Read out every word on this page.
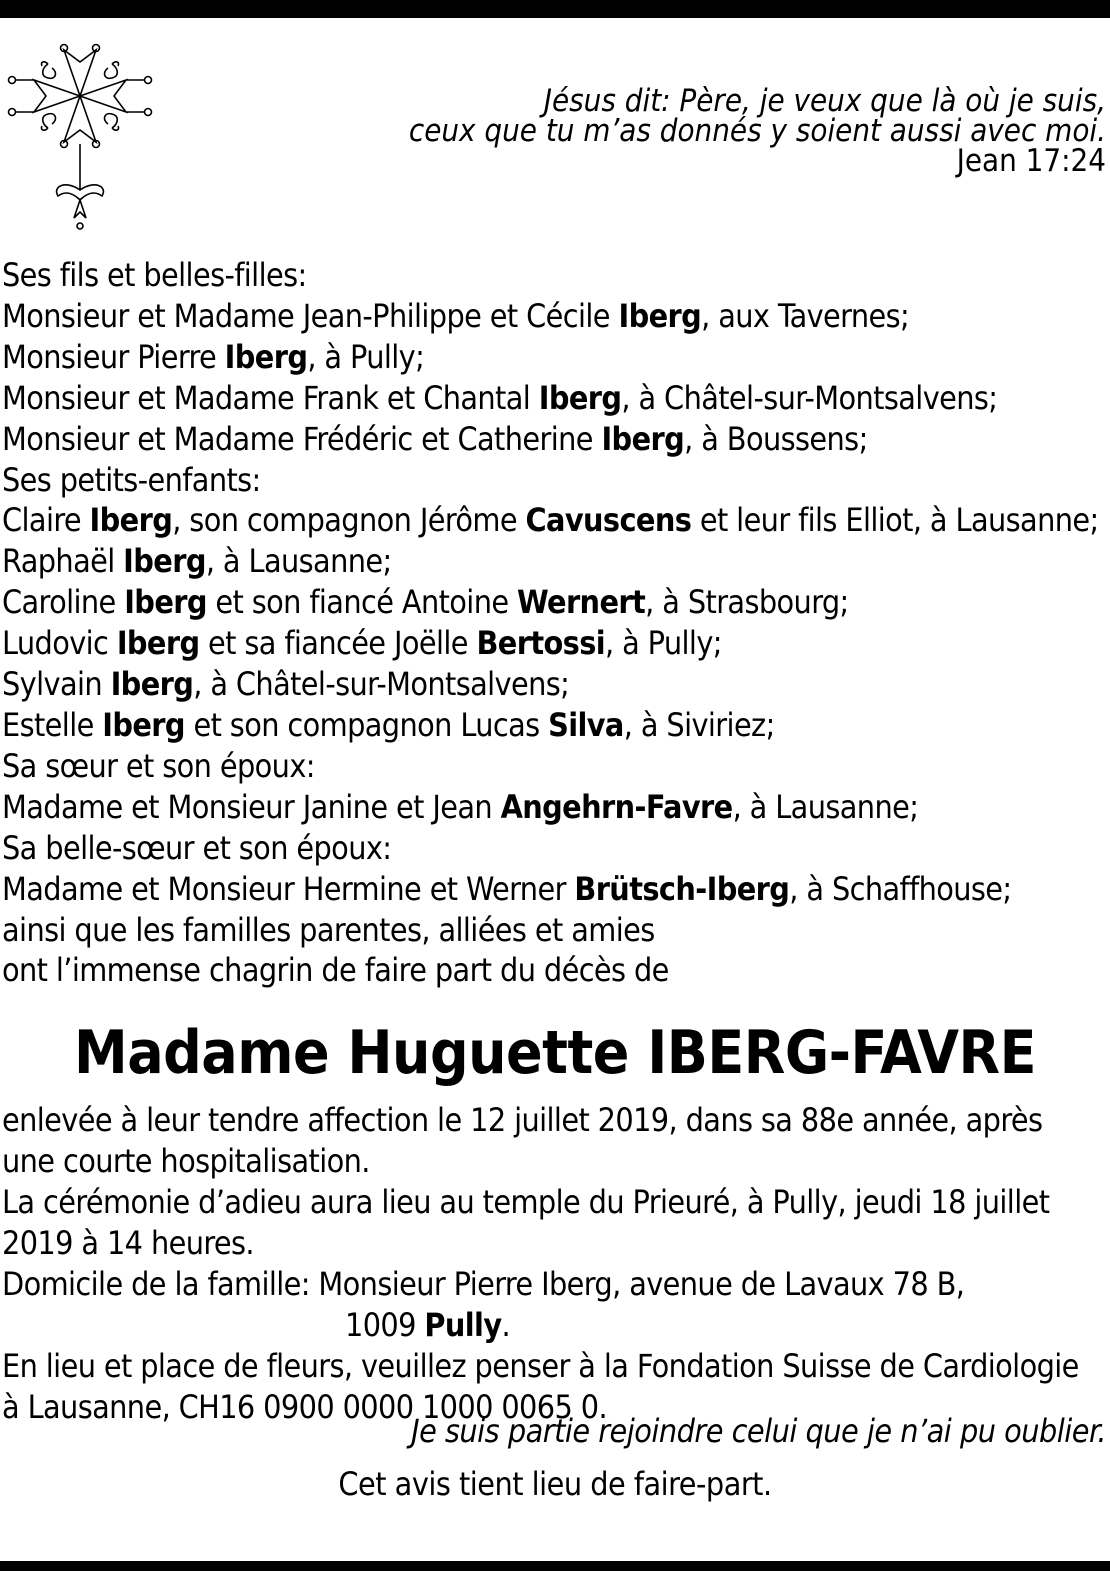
Jésus dit: Père, je veux que là où je suis,
ceux que tu m’as donnés y soient aussi avec moi.
Jean 17:24
Ses fils et belles-filles:
Monsieur et Madame Jean-Philippe et Cécile Iberg, aux Tavernes;
Monsieur Pierre Iberg, à Pully;
Monsieur et Madame Frank et Chantal Iberg, à Châtel-sur-Montsalvens;
Monsieur et Madame Frédéric et Catherine Iberg, à Boussens;
Ses petits-enfants:
Claire Iberg, son compagnon Jérôme Cavuscens et leur fils Elliot, à Lausanne;
Raphaël Iberg, à Lausanne;
Caroline Iberg et son fiancé Antoine Wernert, à Strasbourg;
Ludovic Iberg et sa fiancée Joëlle Bertossi, à Pully;
Sylvain Iberg, à Châtel-sur-Montsalvens;
Estelle Iberg et son compagnon Lucas Silva, à Siviriez;
Sa sœur et son époux:
Madame et Monsieur Janine et Jean Angehrn-Favre, à Lausanne;
Sa belle-sœur et son époux:
Madame et Monsieur Hermine et Werner Brütsch-Iberg, à Schaffhouse;
ainsi que les familles parentes, alliées et amies
ont l’immense chagrin de faire part du décès de
Madame Huguette IBERG-FAVRE
enlevée à leur tendre affection le 12 juillet 2019, dans sa 88e année, après
une courte hospitalisation.
La cérémonie d’adieu aura lieu au temple du Prieuré, à Pully, jeudi 18 juillet
2019 à 14 heures.
Domicile de la famille: Monsieur Pierre Iberg, avenue de Lavaux 78 B,
1009 Pully.
En lieu et place de fleurs, veuillez penser à la Fondation Suisse de Cardiologie
à Lausanne, CH16 0900 0000 1000 0065 0.
Je suis partie rejoindre celui que je n’ai pu oublier.
Cet avis tient lieu de faire-part.
